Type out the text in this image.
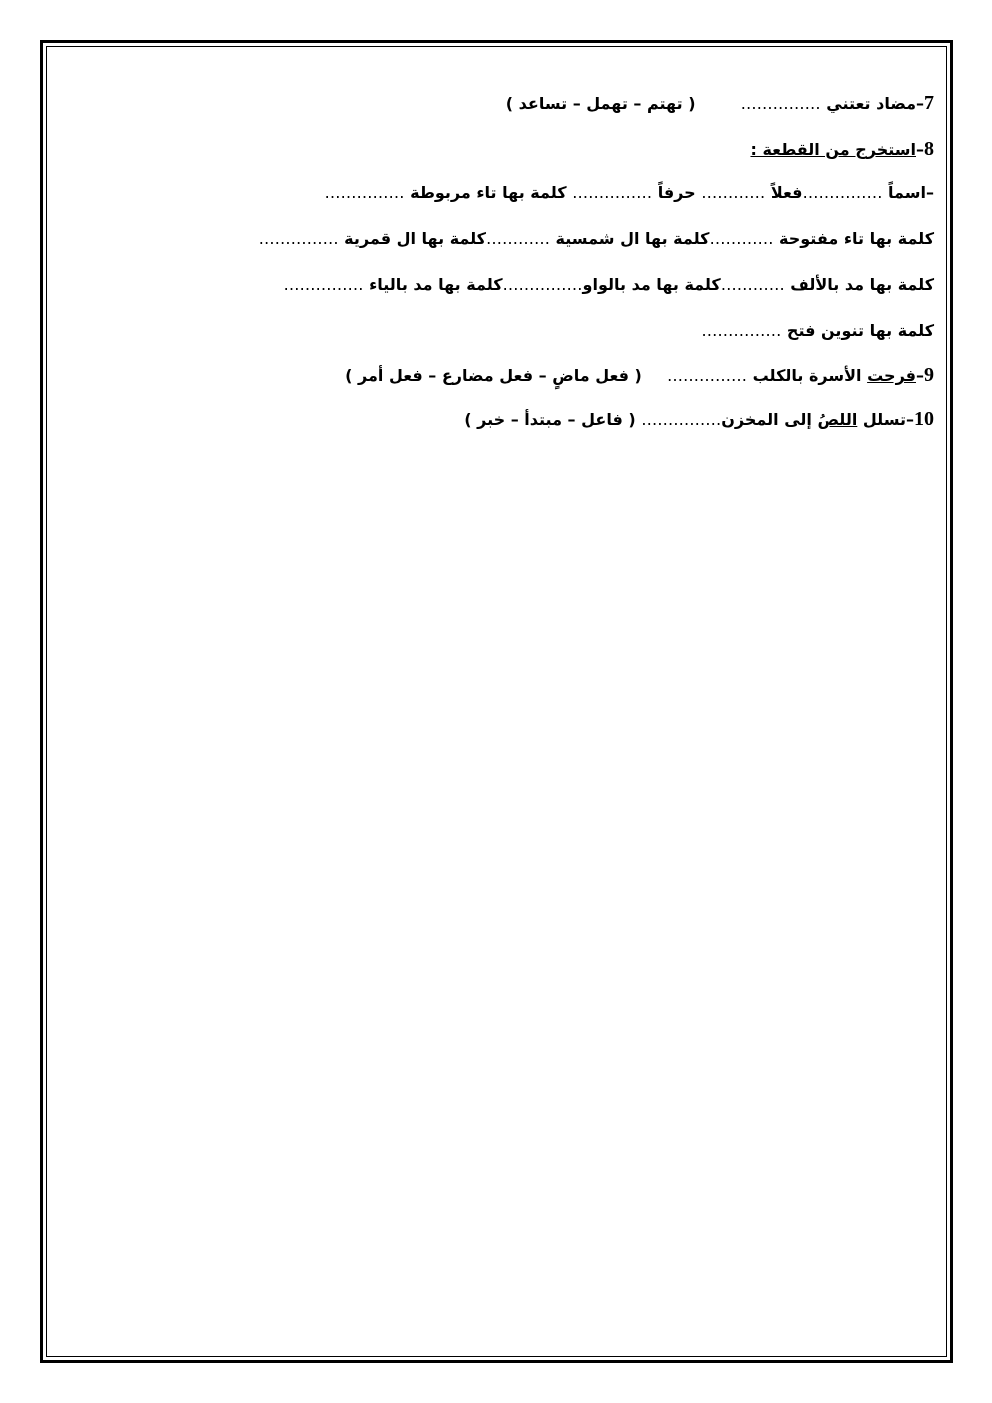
7–مضاد تعتني ……………  ( تهتم – تهمل – تساعد )
8–استخرج من القطعة :
–اسماً ……………فعلاً ………… حرفاً …………… كلمة بها تاء مربوطة ……………
كلمة بها تاء مفتوحة …………كلمة بها ال شمسية …………كلمة بها ال قمرية ……………
كلمة بها مد بالألف …………كلمة بها مد بالواو……………كلمة بها مد بالياء ……………
كلمة بها تنوين فتح ……………
9–فرحت الأسرة بالكلب ……………  ( فعل ماضٍ – فعل مضارع – فعل أمر )
10–تسلل اللصُ إلى المخزن…………… ( فاعل – مبتدأ – خبر )
